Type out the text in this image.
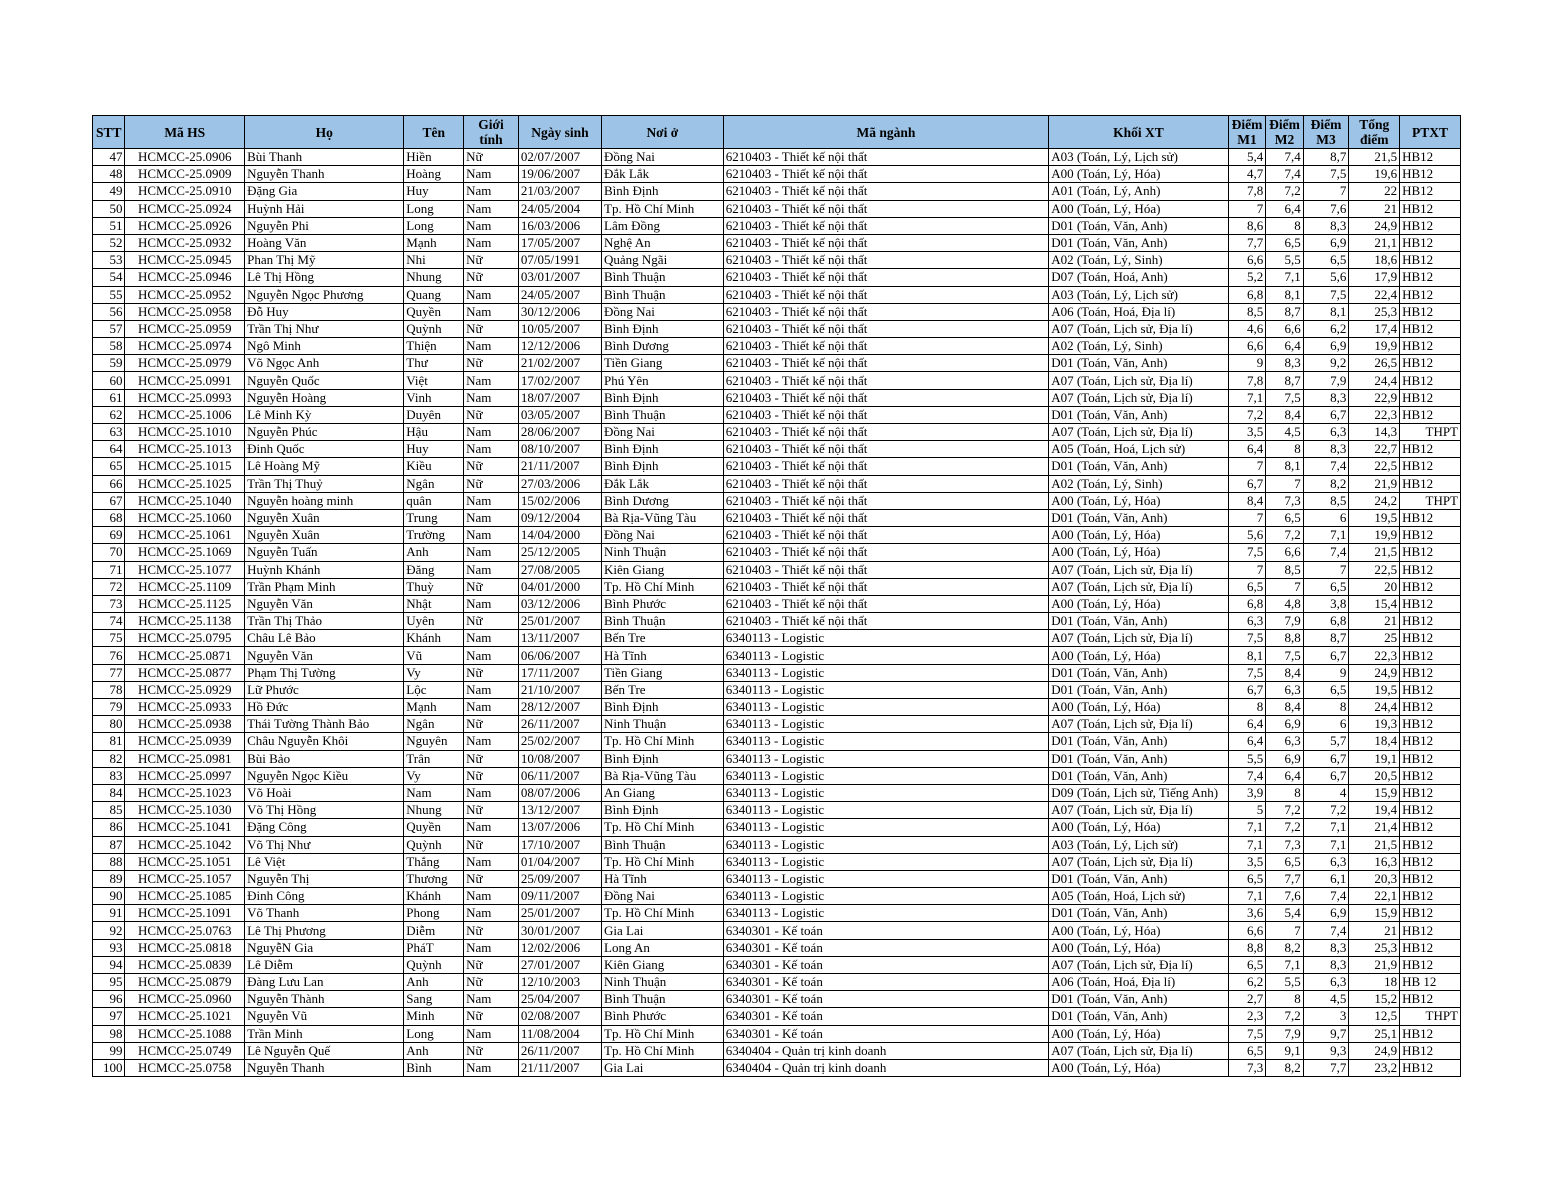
STT	Mã HS	Họ	Tên	Giới tính	Ngày sinh	Nơi ở	Mã ngành	Khối XT	Điểm M1	Điểm M2	Điểm M3	Tổng điểm	PTXT
47	HCMCC-25.0906	Bùi Thanh	Hiền	Nữ	02/07/2007	Đồng Nai	6210403 - Thiết kế nội thất	A03 (Toán, Lý, Lịch sử)	5,4	7,4	8,7	21,5	HB12
48	HCMCC-25.0909	Nguyễn Thanh	Hoàng	Nam	19/06/2007	Đắk Lắk	6210403 - Thiết kế nội thất	A00 (Toán, Lý, Hóa)	4,7	7,4	7,5	19,6	HB12
49	HCMCC-25.0910	Đặng Gia	Huy	Nam	21/03/2007	Bình Định	6210403 - Thiết kế nội thất	A01 (Toán, Lý, Anh)	7,8	7,2	7	22	HB12
50	HCMCC-25.0924	Huỳnh Hải	Long	Nam	24/05/2004	Tp. Hồ Chí Minh	6210403 - Thiết kế nội thất	A00 (Toán, Lý, Hóa)	7	6,4	7,6	21	HB12
51	HCMCC-25.0926	Nguyễn Phi	Long	Nam	16/03/2006	Lâm Đồng	6210403 - Thiết kế nội thất	D01 (Toán, Văn, Anh)	8,6	8	8,3	24,9	HB12
52	HCMCC-25.0932	Hoàng Văn	Mạnh	Nam	17/05/2007	Nghệ An	6210403 - Thiết kế nội thất	D01 (Toán, Văn, Anh)	7,7	6,5	6,9	21,1	HB12
53	HCMCC-25.0945	Phan Thị Mỹ	Nhi	Nữ	07/05/1991	Quảng Ngãi	6210403 - Thiết kế nội thất	A02 (Toán, Lý, Sinh)	6,6	5,5	6,5	18,6	HB12
54	HCMCC-25.0946	Lê Thị Hồng	Nhung	Nữ	03/01/2007	Bình Thuận	6210403 - Thiết kế nội thất	D07 (Toán, Hoá, Anh)	5,2	7,1	5,6	17,9	HB12
55	HCMCC-25.0952	Nguyễn Ngọc Phương	Quang	Nam	24/05/2007	Bình Thuận	6210403 - Thiết kế nội thất	A03 (Toán, Lý, Lịch sử)	6,8	8,1	7,5	22,4	HB12
56	HCMCC-25.0958	Đỗ Huy	Quyền	Nam	30/12/2006	Đồng Nai	6210403 - Thiết kế nội thất	A06 (Toán, Hoá, Địa lí)	8,5	8,7	8,1	25,3	HB12
57	HCMCC-25.0959	Trần Thị Như	Quỳnh	Nữ	10/05/2007	Bình Định	6210403 - Thiết kế nội thất	A07 (Toán, Lịch sử, Địa lí)	4,6	6,6	6,2	17,4	HB12
58	HCMCC-25.0974	Ngô Minh	Thiện	Nam	12/12/2006	Bình Dương	6210403 - Thiết kế nội thất	A02 (Toán, Lý, Sinh)	6,6	6,4	6,9	19,9	HB12
59	HCMCC-25.0979	Võ Ngọc Anh	Thư	Nữ	21/02/2007	Tiền Giang	6210403 - Thiết kế nội thất	D01 (Toán, Văn, Anh)	9	8,3	9,2	26,5	HB12
60	HCMCC-25.0991	Nguyễn Quốc	Việt	Nam	17/02/2007	Phú Yên	6210403 - Thiết kế nội thất	A07 (Toán, Lịch sử, Địa lí)	7,8	8,7	7,9	24,4	HB12
61	HCMCC-25.0993	Nguyễn Hoàng	Vinh	Nam	18/07/2007	Bình Định	6210403 - Thiết kế nội thất	A07 (Toán, Lịch sử, Địa lí)	7,1	7,5	8,3	22,9	HB12
62	HCMCC-25.1006	Lê Minh Kỳ	Duyên	Nữ	03/05/2007	Bình Thuận	6210403 - Thiết kế nội thất	D01 (Toán, Văn, Anh)	7,2	8,4	6,7	22,3	HB12
63	HCMCC-25.1010	Nguyễn Phúc	Hậu	Nam	28/06/2007	Đồng Nai	6210403 - Thiết kế nội thất	A07 (Toán, Lịch sử, Địa lí)	3,5	4,5	6,3	14,3	THPT
64	HCMCC-25.1013	Đinh Quốc	Huy	Nam	08/10/2007	Bình Định	6210403 - Thiết kế nội thất	A05 (Toán, Hoá, Lịch sử)	6,4	8	8,3	22,7	HB12
65	HCMCC-25.1015	Lê Hoàng Mỹ	Kiều	Nữ	21/11/2007	Bình Định	6210403 - Thiết kế nội thất	D01 (Toán, Văn, Anh)	7	8,1	7,4	22,5	HB12
66	HCMCC-25.1025	Trần Thị Thuỷ	Ngân	Nữ	27/03/2006	Đắk Lắk	6210403 - Thiết kế nội thất	A02 (Toán, Lý, Sinh)	6,7	7	8,2	21,9	HB12
67	HCMCC-25.1040	Nguyễn hoàng minh	quân	Nam	15/02/2006	Bình Dương	6210403 - Thiết kế nội thất	A00 (Toán, Lý, Hóa)	8,4	7,3	8,5	24,2	THPT
68	HCMCC-25.1060	Nguyễn Xuân	Trung	Nam	09/12/2004	Bà Rịa-Vũng Tàu	6210403 - Thiết kế nội thất	D01 (Toán, Văn, Anh)	7	6,5	6	19,5	HB12
69	HCMCC-25.1061	Nguyễn Xuân	Trường	Nam	14/04/2000	Đồng Nai	6210403 - Thiết kế nội thất	A00 (Toán, Lý, Hóa)	5,6	7,2	7,1	19,9	HB12
70	HCMCC-25.1069	Nguyễn Tuấn	Anh	Nam	25/12/2005	Ninh Thuận	6210403 - Thiết kế nội thất	A00 (Toán, Lý, Hóa)	7,5	6,6	7,4	21,5	HB12
71	HCMCC-25.1077	Huỳnh Khánh	Đăng	Nam	27/08/2005	Kiên Giang	6210403 - Thiết kế nội thất	A07 (Toán, Lịch sử, Địa lí)	7	8,5	7	22,5	HB12
72	HCMCC-25.1109	Trần Phạm Minh	Thuỳ	Nữ	04/01/2000	Tp. Hồ Chí Minh	6210403 - Thiết kế nội thất	A07 (Toán, Lịch sử, Địa lí)	6,5	7	6,5	20	HB12
73	HCMCC-25.1125	Nguyễn Văn	Nhật	Nam	03/12/2006	Bình Phước	6210403 - Thiết kế nội thất	A00 (Toán, Lý, Hóa)	6,8	4,8	3,8	15,4	HB12
74	HCMCC-25.1138	Trần Thị Thảo	Uyên	Nữ	25/01/2007	Bình Thuận	6210403 - Thiết kế nội thất	D01 (Toán, Văn, Anh)	6,3	7,9	6,8	21	HB12
75	HCMCC-25.0795	Châu Lê Bảo	Khánh	Nam	13/11/2007	Bến Tre	6340113 - Logistic	A07 (Toán, Lịch sử, Địa lí)	7,5	8,8	8,7	25	HB12
76	HCMCC-25.0871	Nguyễn Văn	Vũ	Nam	06/06/2007	Hà Tĩnh	6340113 - Logistic	A00 (Toán, Lý, Hóa)	8,1	7,5	6,7	22,3	HB12
77	HCMCC-25.0877	Phạm Thị Tường	Vy	Nữ	17/11/2007	Tiền Giang	6340113 - Logistic	D01 (Toán, Văn, Anh)	7,5	8,4	9	24,9	HB12
78	HCMCC-25.0929	Lữ Phước	Lộc	Nam	21/10/2007	Bến Tre	6340113 - Logistic	D01 (Toán, Văn, Anh)	6,7	6,3	6,5	19,5	HB12
79	HCMCC-25.0933	Hồ Đức	Mạnh	Nam	28/12/2007	Bình Định	6340113 - Logistic	A00 (Toán, Lý, Hóa)	8	8,4	8	24,4	HB12
80	HCMCC-25.0938	Thái Tường Thành Bảo	Ngân	Nữ	26/11/2007	Ninh Thuận	6340113 - Logistic	A07 (Toán, Lịch sử, Địa lí)	6,4	6,9	6	19,3	HB12
81	HCMCC-25.0939	Châu Nguyễn Khôi	Nguyên	Nam	25/02/2007	Tp. Hồ Chí Minh	6340113 - Logistic	D01 (Toán, Văn, Anh)	6,4	6,3	5,7	18,4	HB12
82	HCMCC-25.0981	Bùi Bảo	Trân	Nữ	10/08/2007	Bình Định	6340113 - Logistic	D01 (Toán, Văn, Anh)	5,5	6,9	6,7	19,1	HB12
83	HCMCC-25.0997	Nguyễn Ngọc Kiều	Vy	Nữ	06/11/2007	Bà Rịa-Vũng Tàu	6340113 - Logistic	D01 (Toán, Văn, Anh)	7,4	6,4	6,7	20,5	HB12
84	HCMCC-25.1023	Võ Hoài	Nam	Nam	08/07/2006	An Giang	6340113 - Logistic	D09 (Toán, Lịch sử, Tiếng Anh)	3,9	8	4	15,9	HB12
85	HCMCC-25.1030	Võ Thị Hồng	Nhung	Nữ	13/12/2007	Bình Định	6340113 - Logistic	A07 (Toán, Lịch sử, Địa lí)	5	7,2	7,2	19,4	HB12
86	HCMCC-25.1041	Đặng Công	Quyền	Nam	13/07/2006	Tp. Hồ Chí Minh	6340113 - Logistic	A00 (Toán, Lý, Hóa)	7,1	7,2	7,1	21,4	HB12
87	HCMCC-25.1042	Võ Thị Như	Quỳnh	Nữ	17/10/2007	Bình Thuận	6340113 - Logistic	A03 (Toán, Lý, Lịch sử)	7,1	7,3	7,1	21,5	HB12
88	HCMCC-25.1051	Lê Việt	Thắng	Nam	01/04/2007	Tp. Hồ Chí Minh	6340113 - Logistic	A07 (Toán, Lịch sử, Địa lí)	3,5	6,5	6,3	16,3	HB12
89	HCMCC-25.1057	Nguyễn Thị	Thương	Nữ	25/09/2007	Hà Tĩnh	6340113 - Logistic	D01 (Toán, Văn, Anh)	6,5	7,7	6,1	20,3	HB12
90	HCMCC-25.1085	Đinh Công	Khánh	Nam	09/11/2007	Đồng Nai	6340113 - Logistic	A05 (Toán, Hoá, Lịch sử)	7,1	7,6	7,4	22,1	HB12
91	HCMCC-25.1091	Võ Thanh	Phong	Nam	25/01/2007	Tp. Hồ Chí Minh	6340113 - Logistic	D01 (Toán, Văn, Anh)	3,6	5,4	6,9	15,9	HB12
92	HCMCC-25.0763	Lê Thị Phương	Diễm	Nữ	30/01/2007	Gia Lai	6340301 - Kế toán	A00 (Toán, Lý, Hóa)	6,6	7	7,4	21	HB12
93	HCMCC-25.0818	NguyễN Gia	PháT	Nam	12/02/2006	Long An	6340301 - Kế toán	A00 (Toán, Lý, Hóa)	8,8	8,2	8,3	25,3	HB12
94	HCMCC-25.0839	Lê Diễm	Quỳnh	Nữ	27/01/2007	Kiên Giang	6340301 - Kế toán	A07 (Toán, Lịch sử, Địa lí)	6,5	7,1	8,3	21,9	HB12
95	HCMCC-25.0879	Đàng Lưu Lan	Anh	Nữ	12/10/2003	Ninh Thuận	6340301 - Kế toán	A06 (Toán, Hoá, Địa lí)	6,2	5,5	6,3	18	HB 12
96	HCMCC-25.0960	Nguyễn Thành	Sang	Nam	25/04/2007	Bình Thuận	6340301 - Kế toán	D01 (Toán, Văn, Anh)	2,7	8	4,5	15,2	HB12
97	HCMCC-25.1021	Nguyễn Vũ	Minh	Nữ	02/08/2007	Bình Phước	6340301 - Kế toán	D01 (Toán, Văn, Anh)	2,3	7,2	3	12,5	THPT
98	HCMCC-25.1088	Trần Minh	Long	Nam	11/08/2004	Tp. Hồ Chí Minh	6340301 - Kế toán	A00 (Toán, Lý, Hóa)	7,5	7,9	9,7	25,1	HB12
99	HCMCC-25.0749	Lê Nguyễn Quế	Anh	Nữ	26/11/2007	Tp. Hồ Chí Minh	6340404 - Quản trị kinh doanh	A07 (Toán, Lịch sử, Địa lí)	6,5	9,1	9,3	24,9	HB12
100	HCMCC-25.0758	Nguyễn Thanh	Bình	Nam	21/11/2007	Gia Lai	6340404 - Quản trị kinh doanh	A00 (Toán, Lý, Hóa)	7,3	8,2	7,7	23,2	HB12
